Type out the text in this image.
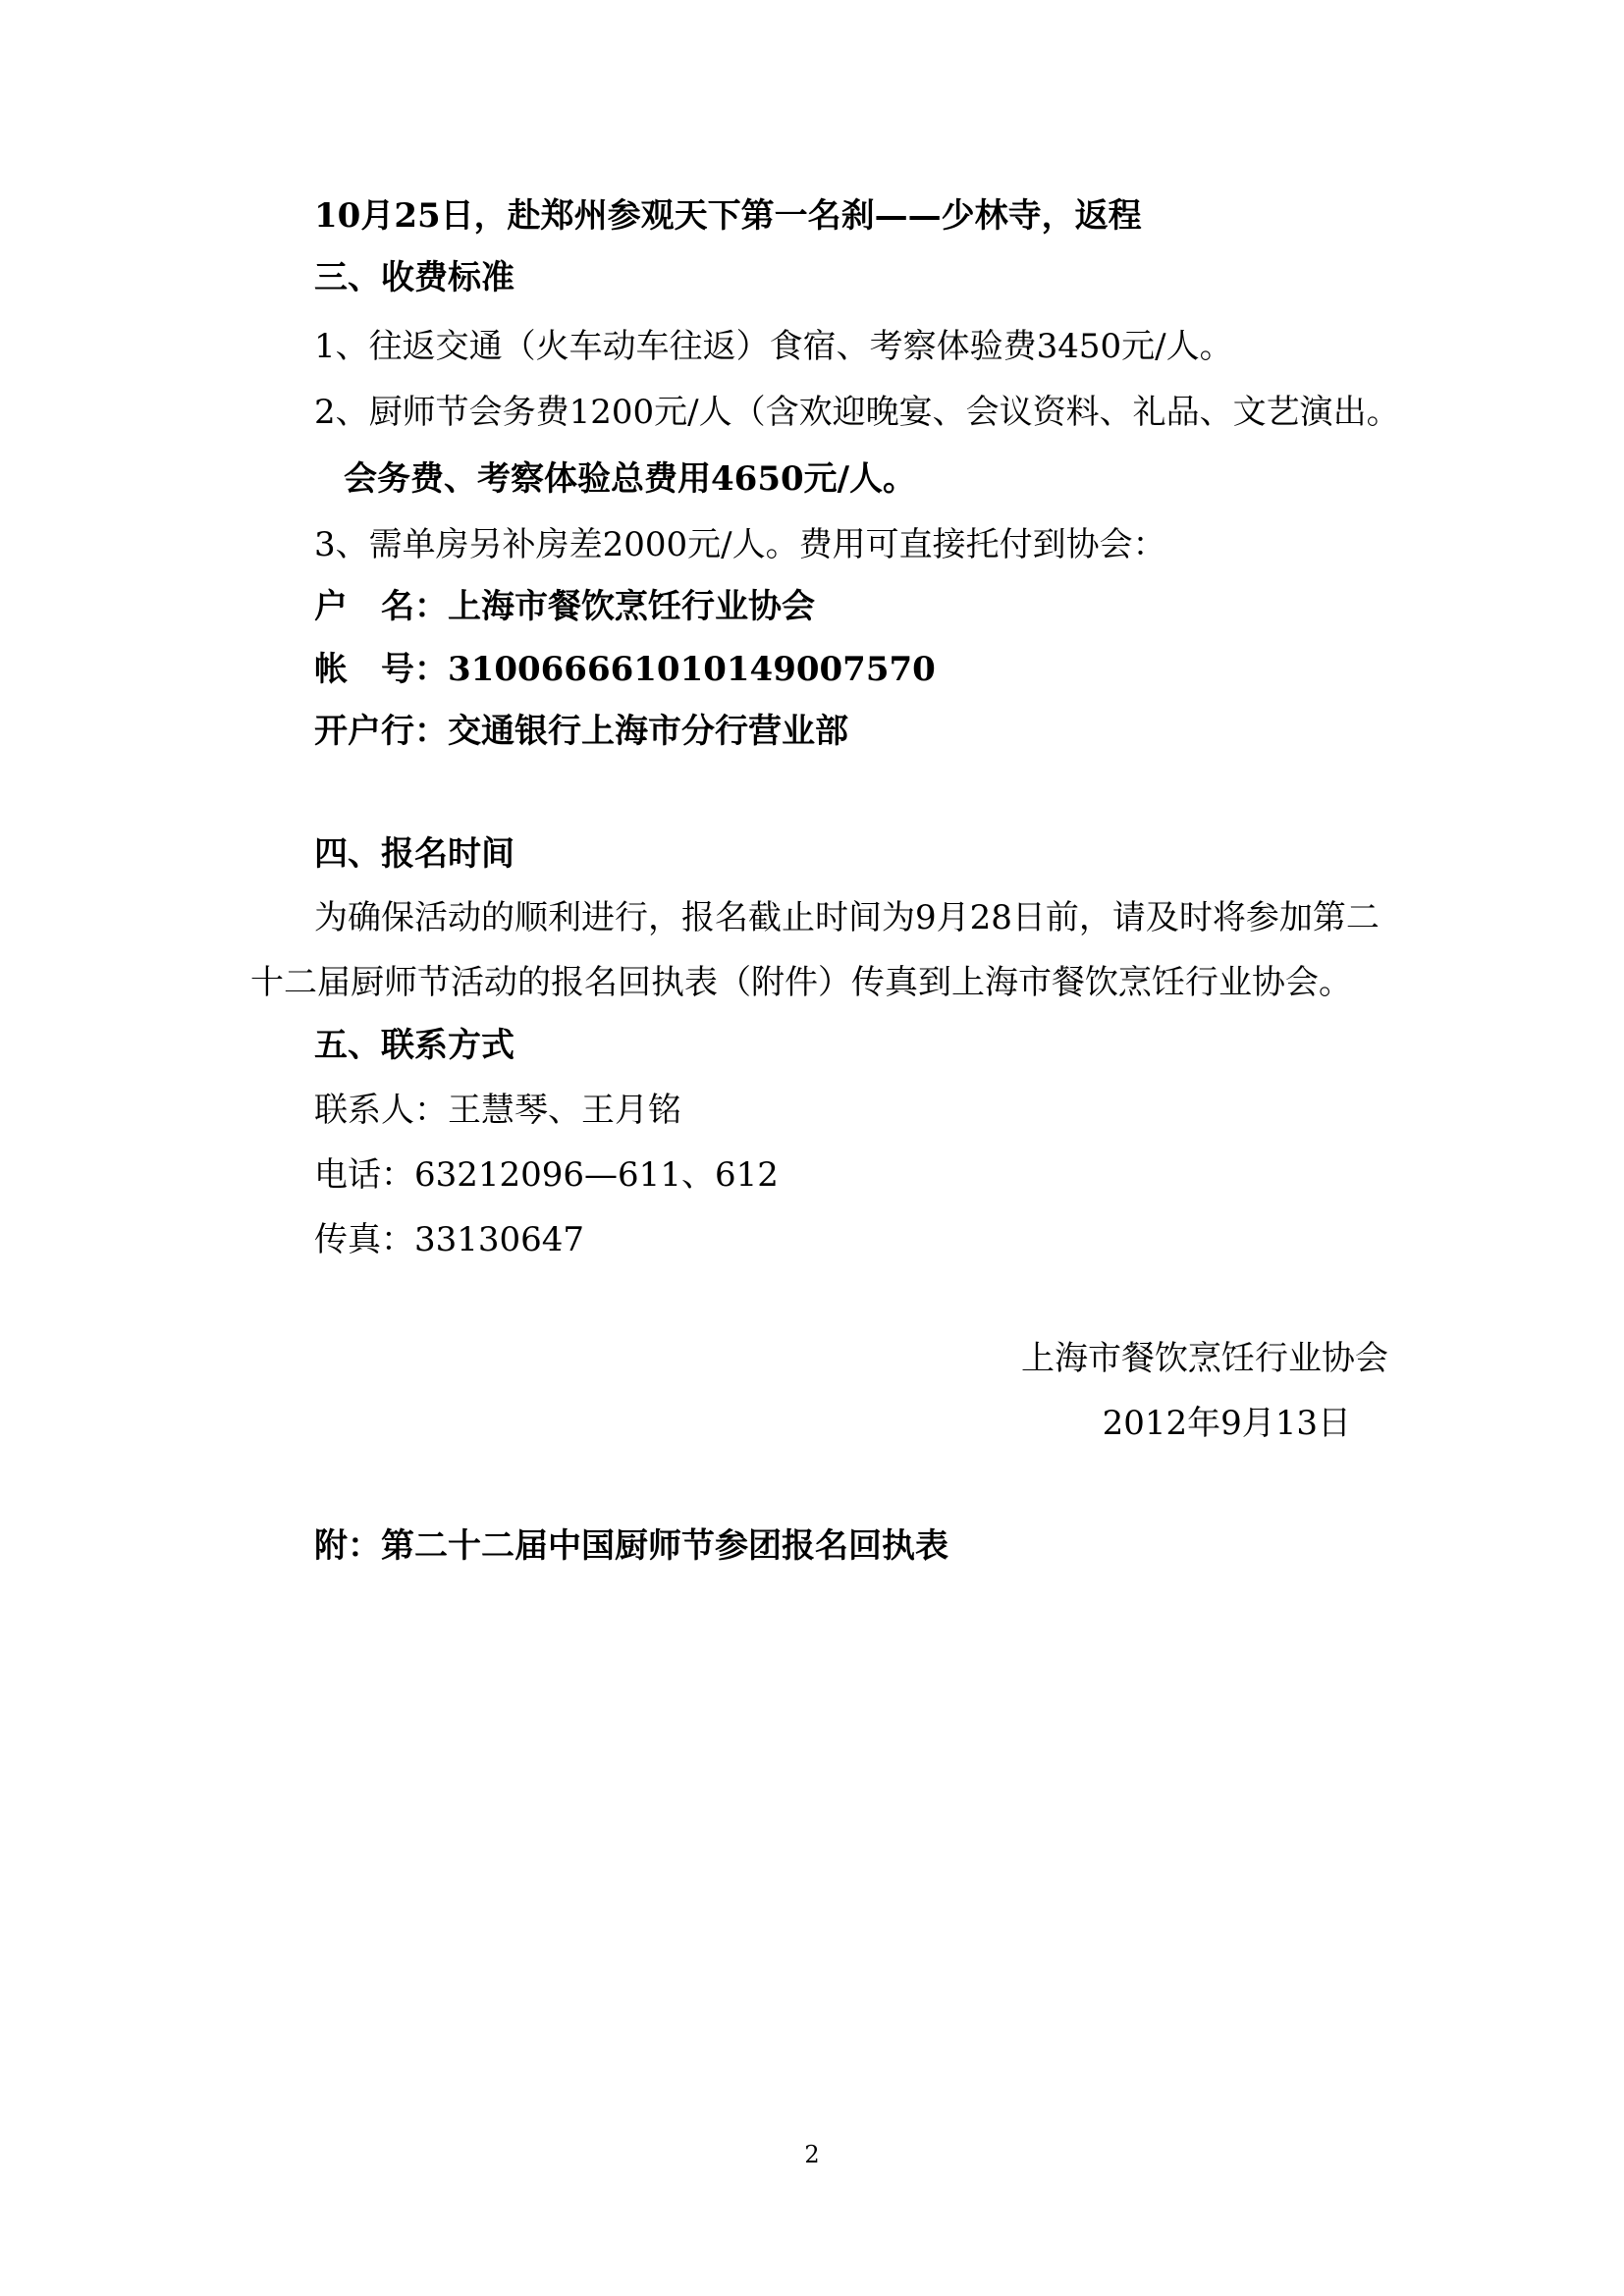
10月25日，赴郑州参观天下第一名刹——少林寺，返程

三、收费标准

1、往返交通（火车动车往返）食宿、考察体验费3450元/人。

2、厨师节会务费1200元/人（含欢迎晚宴、会议资料、礼品、文艺演出。

会务费、考察体验总费用4650元/人。

3、需单房另补房差2000元/人。费用可直接托付到协会：

户　名：上海市餐饮烹饪行业协会

帐　号：310066661010149007570

开户行：交通银行上海市分行营业部

四、报名时间

为确保活动的顺利进行，报名截止时间为9月28日前，请及时将参加第二

十二届厨师节活动的报名回执表（附件）传真到上海市餐饮烹饪行业协会。

五、联系方式

联系人：王慧琴、王月铭

电话：63212096—611、612

传真：33130647

上海市餐饮烹饪行业协会

2012年9月13日

附：第二十二届中国厨师节参团报名回执表

2
